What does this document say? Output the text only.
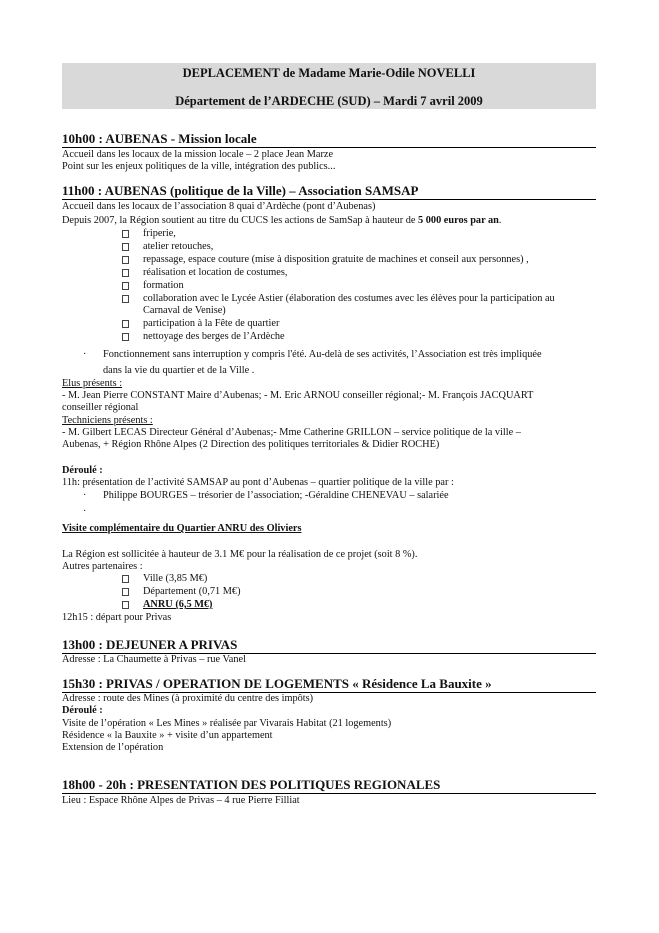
DEPLACEMENT de Madame Marie-Odile NOVELLI
Département de l’ARDECHE (SUD) – Mardi 7 avril 2009
10h00 : AUBENAS - Mission locale
Accueil dans les locaux de la mission locale – 2 place Jean Marze
Point sur les enjeux politiques de la ville, intégration des publics...
11h00 : AUBENAS (politique de la Ville) – Association SAMSAP
Accueil dans les locaux de l’association 8 quai d’Ardèche (pont d’Aubenas)
Depuis 2007, la Région soutient au titre du CUCS les actions de SamSap à hauteur de 5 000 euros par an.
friperie,
atelier retouches,
repassage, espace couture (mise à disposition gratuite de machines et conseil aux personnes) ,
réalisation et location de costumes,
formation
collaboration avec le Lycée Astier (élaboration des costumes avec les élèves pour la participation au
Carnaval de Venise)
participation à la Fête de quartier
nettoyage des berges de l’Ardèche
· Fonctionnement sans interruption y compris l'été. Au-delà de ses activités, l’Association est très impliquée
dans la vie du quartier et de la Ville .
Elus présents :
- M. Jean Pierre CONSTANT Maire d’Aubenas; - M. Eric ARNOU conseiller régional;- M. François JACQUART
conseiller régional
Techniciens présents :
- M. Gilbert LECAS Directeur Général d’Aubenas;- Mme Catherine GRILLON – service politique de la ville –
Aubenas, + Région Rhône Alpes (2 Direction des politiques territoriales & Didier ROCHE)
Déroulé :
11h: présentation de l’activité SAMSAP au pont d’Aubenas – quartier politique de la ville par :
· Philippe BOURGES – trésorier de l’association; -Géraldine CHENEVAU – salariée
·
Visite complémentaire du Quartier ANRU des Oliviers
La Région est sollicitée à hauteur de 3.1 M€ pour la réalisation de ce projet (soit 8 %).
Autres partenaires :
Ville (3,85 M€)
Département (0,71 M€)
ANRU (6,5 M€)
12h15 : départ pour Privas
13h00 : DEJEUNER A PRIVAS
Adresse : La Chaumette à Privas – rue Vanel
15h30 : PRIVAS / OPERATION DE LOGEMENTS « Résidence La Bauxite »
Adresse : route des Mines (à proximité du centre des impôts)
Déroulé :
Visite de l’opération « Les Mines » réalisée par Vivarais Habitat (21 logements)
Résidence « la Bauxite » + visite d’un appartement
Extension de l’opération
18h00 - 20h : PRESENTATION DES POLITIQUES REGIONALES
Lieu : Espace Rhône Alpes de Privas – 4 rue Pierre Filliat
